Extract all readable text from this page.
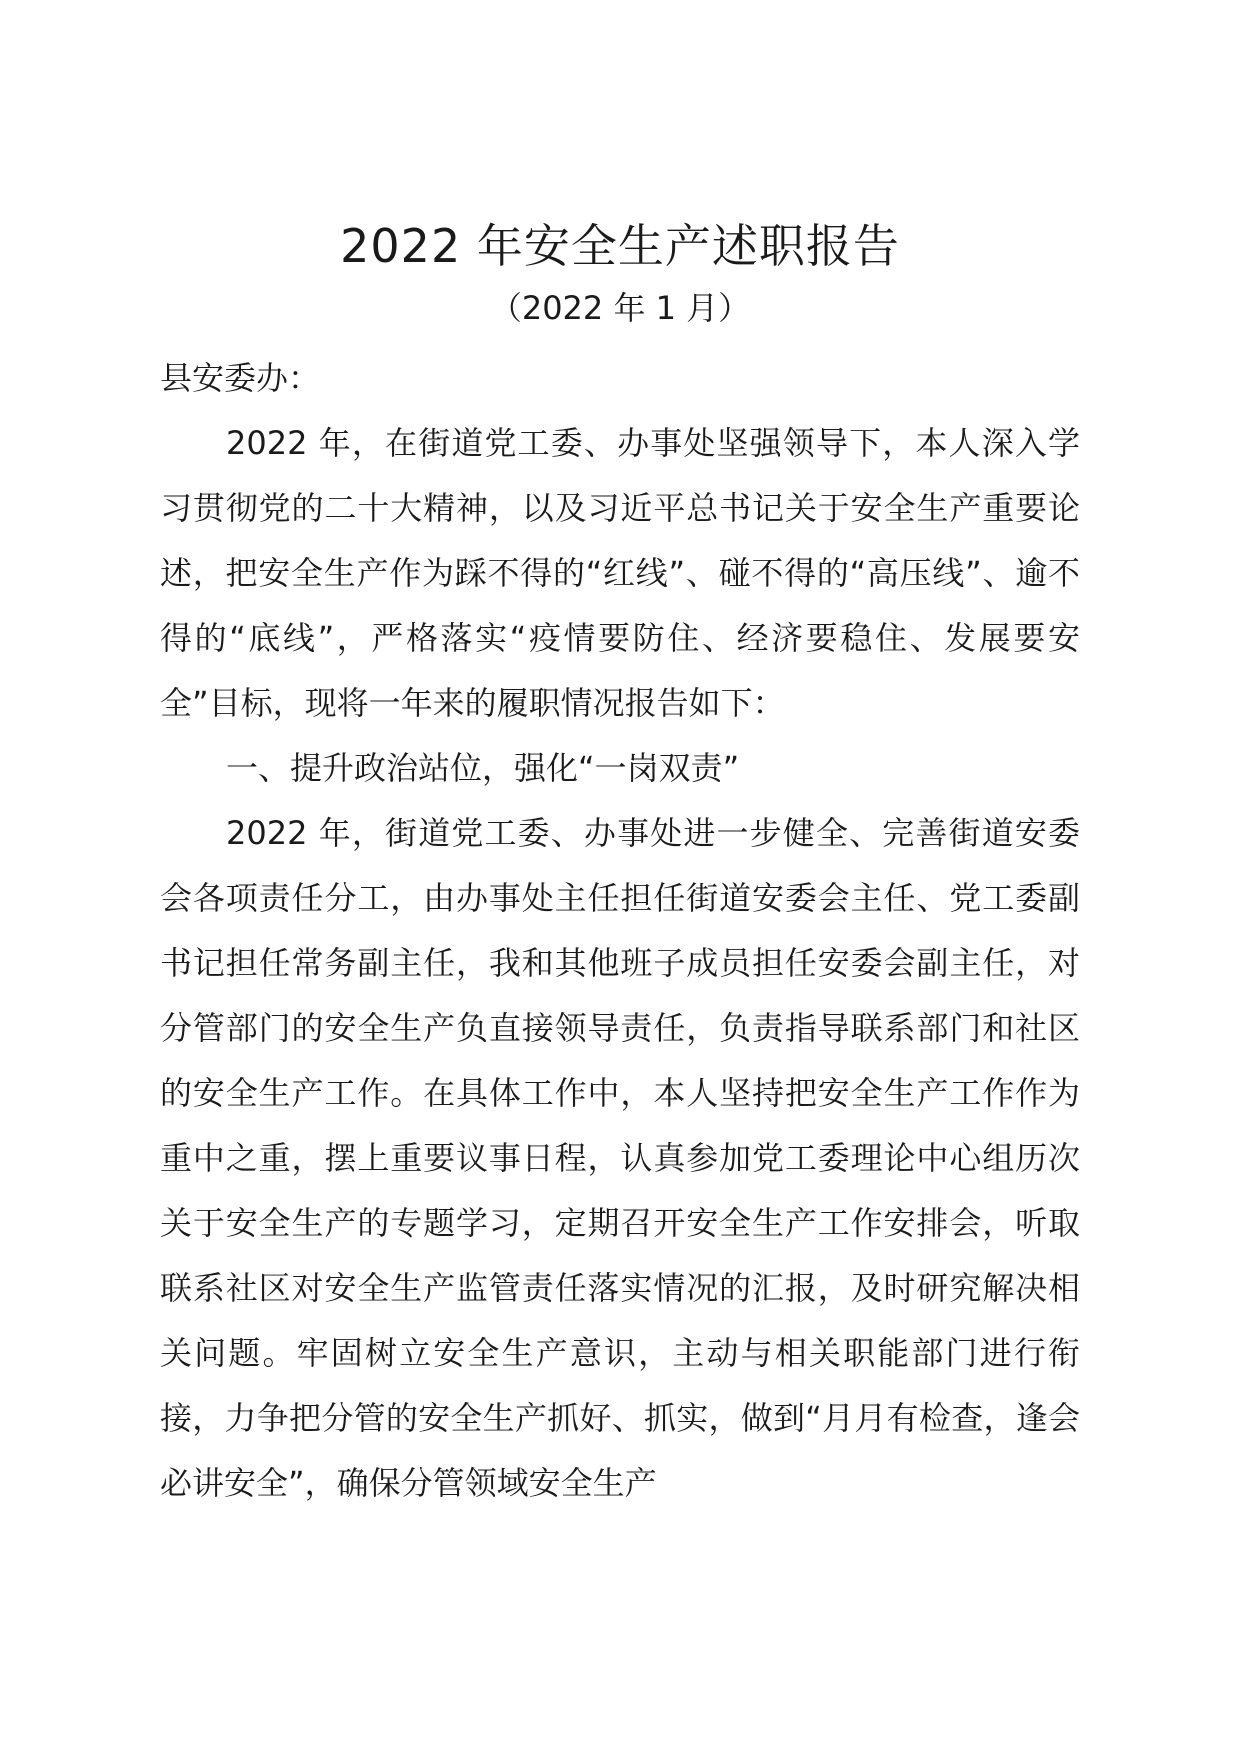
2022 年安全生产述职报告
（2022 年 1 月）

县安委办：

2022 年，在街道党工委、办事处坚强领导下，本人深入学习贯彻党的二十大精神，以及习近平总书记关于安全生产重要论述，把安全生产作为踩不得的“红线”、碰不得的“高压线”、逾不得的“底线”，严格落实“疫情要防住、经济要稳住、发展要安全”目标，现将一年来的履职情况报告如下：

一、提升政治站位，强化“一岗双责”

2022 年，街道党工委、办事处进一步健全、完善街道安委会各项责任分工，由办事处主任担任街道安委会主任、党工委副书记担任常务副主任，我和其他班子成员担任安委会副主任，对分管部门的安全生产负直接领导责任，负责指导联系部门和社区的安全生产工作。在具体工作中，本人坚持把安全生产工作作为重中之重，摆上重要议事日程，认真参加党工委理论中心组历次关于安全生产的专题学习，定期召开安全生产工作安排会，听取联系社区对安全生产监管责任落实情况的汇报，及时研究解决相关问题。牢固树立安全生产意识，主动与相关职能部门进行衔接，力争把分管的安全生产抓好、抓实，做到“月月有检查，逢会必讲安全”，确保分管领域安全生产
